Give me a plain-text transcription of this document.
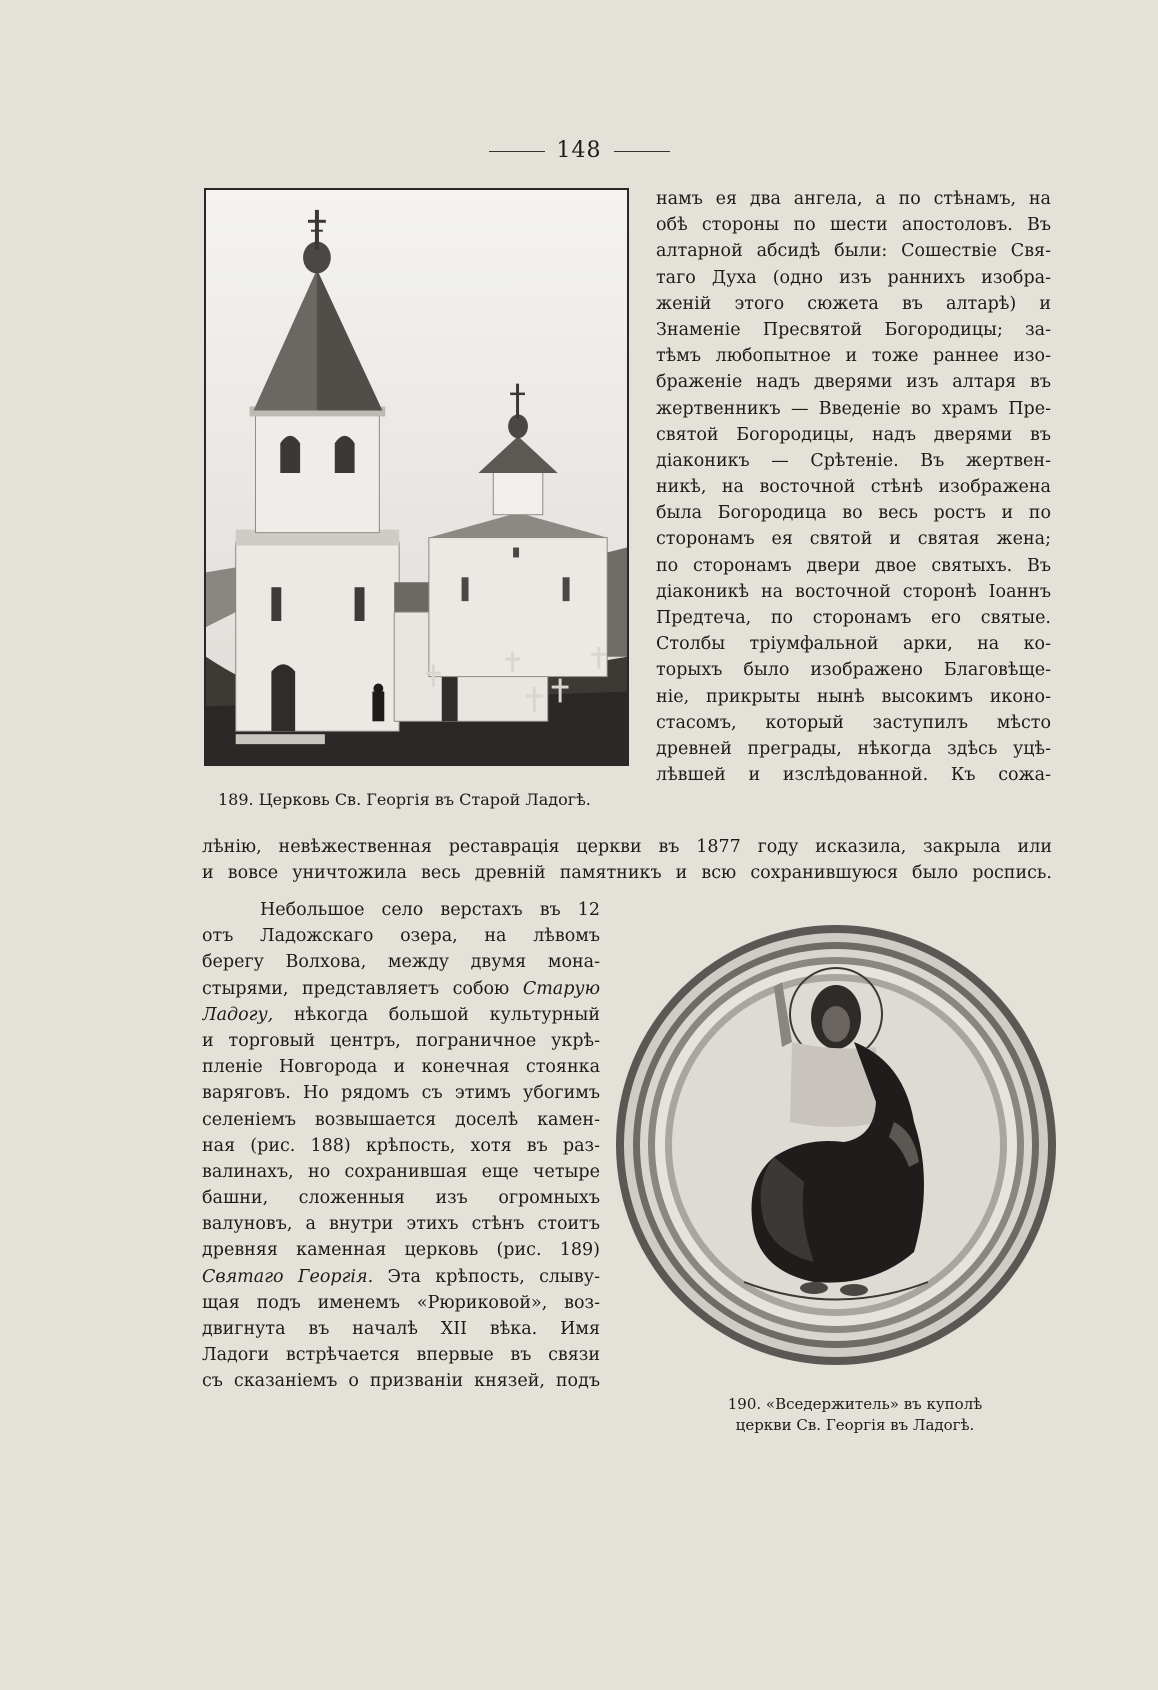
148
189. Церковь Св. Георгія въ Старой Ладогѣ.
намъ ея два ангела, а по стѣнамъ, на
обѣ стороны по шести апостоловъ. Въ
алтарной абсидѣ были: Сошествіе Свя-
таго Духа (одно изъ раннихъ изобра-
женій этого сюжета въ алтарѣ) и
Знаменіе Пресвятой Богородицы; за-
тѣмъ любопытное и тоже раннее изо-
браженіе надъ дверями изъ алтаря въ
жертвенникъ — Введеніе во храмъ Пре-
святой Богородицы, надъ дверями въ
діаконикъ — Срѣтеніе. Въ жертвен-
никѣ, на восточной стѣнѣ изображена
была Богородица во весь ростъ и по
сторонамъ ея святой и святая жена;
по сторонамъ двери двое святыхъ. Въ
діаконикѣ на восточной сторонѣ Іоаннъ
Предтеча, по сторонамъ его святые.
Столбы тріумфальной арки, на ко-
торыхъ было изображено Благовѣще-
ніе, прикрыты нынѣ высокимъ иконо-
стасомъ, который заступилъ мѣсто
древней преграды, нѣкогда здѣсь уцѣ-
лѣвшей и изслѣдованной. Къ сожа-
лѣнію, невѣжественная реставрація церкви въ 1877 году исказила, закрыла или
и вовсе уничтожила весь древній памятникъ и всю сохранившуюся было роспись.
Небольшое село верстахъ въ 12
отъ Ладожскаго озера, на лѣвомъ
берегу Волхова, между двумя мона-
стырями, представляетъ собою Старую
Ладогу, нѣкогда большой культурный
и торговый центръ, пограничное укрѣ-
пленіе Новгорода и конечная стоянка
варяговъ. Но рядомъ съ этимъ убогимъ
селеніемъ возвышается доселѣ камен-
ная (рис. 188) крѣпость, хотя въ раз-
валинахъ, но сохранившая еще четыре
башни, сложенныя изъ огромныхъ
валуновъ, а внутри этихъ стѣнъ стоитъ
древняя каменная церковь (рис. 189)
Святаго Георгія. Эта крѣпость, слыву-
щая подъ именемъ «Рюриковой», воз-
двигнута въ началѣ XII вѣка. Имя
Ладоги встрѣчается впервые въ связи
съ сказаніемъ о призваніи князей, подъ
190. «Вседержитель» въ куполѣ
церкви Св. Георгія въ Ладогѣ.
